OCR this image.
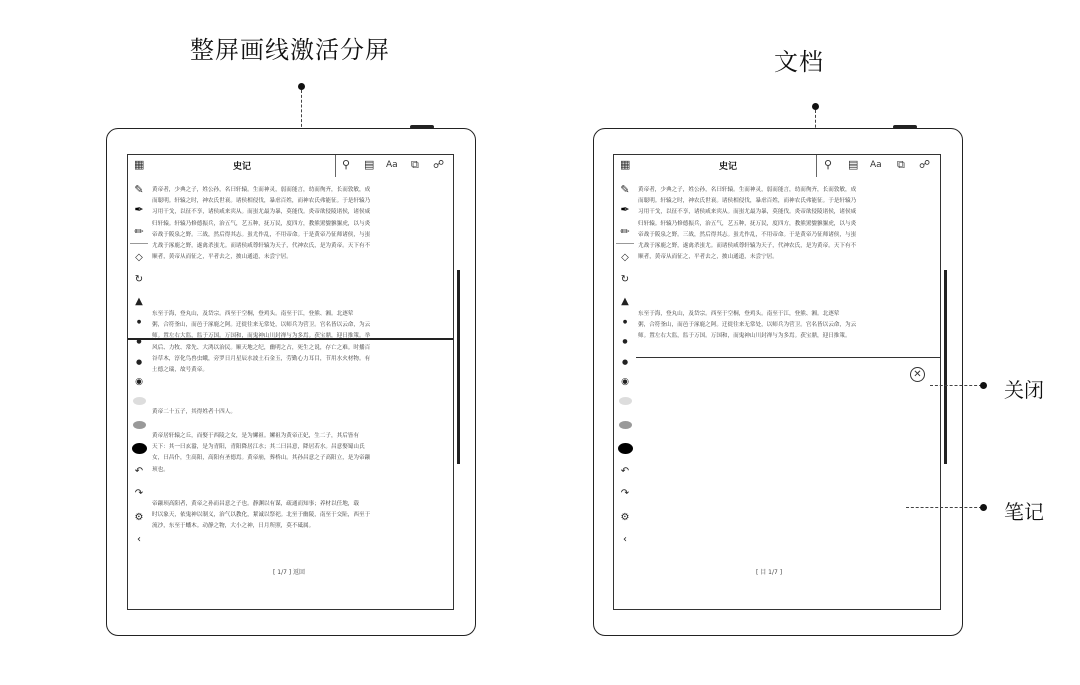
整屏画线激活分屏
▦	史记	⚲ ▤ Aa ⧉ ☍
✎
✒
✏
◇
↻
▲
●
●
●
◉
↶
↷
⚙
‹
黄帝者，少典之子，姓公孙，名曰轩辕。生而神灵，弱而能言，幼而徇齐，长而敦敏，成
而聪明。轩辕之时，神农氏世衰。诸侯相侵伐，暴虐百姓，而神农氏弗能征。于是轩辕乃
习用干戈，以征不享，诸侯咸来宾从。而蚩尤最为暴，莫能伐。炎帝欲侵陵诸侯，诸侯咸
归轩辕。轩辕乃修德振兵，治五气，艺五种，抚万民，度四方，教熊罴貔貅貙虎，以与炎
帝战于阪泉之野。三战，然后得其志。蚩尤作乱，不用帝命。于是黄帝乃征师诸侯，与蚩
尤战于涿鹿之野，遂禽杀蚩尤。而诸侯咸尊轩辕为天子，代神农氏，是为黄帝。天下有不
顺者，黄帝从而征之，平者去之，披山通道，未尝宁居。
东至于海，登丸山，及岱宗。西至于空桐，登鸡头。南至于江，登熊、湘。北逐荤
粥，合符釜山，而邑于涿鹿之阿。迁徙往来无常处，以师兵为营卫。官名皆以云命，为云
师。置左右大监，监于万国。万国和，而鬼神山川封禅与为多焉。获宝鼎，迎日推策。举
风后、力牧、常先、大鸿以治民。顺天地之纪，幽明之占，死生之说，存亡之难。时播百
谷草木，淳化鸟兽虫蛾，旁罗日月星辰水波土石金玉，劳勤心力耳目，节用水火材物。有
土德之瑞，故号黄帝。
黄帝二十五子，其得姓者十四人。
黄帝居轩辕之丘，而娶于西陵之女，是为嫘祖。嫘祖为黄帝正妃，生二子，其后皆有
天下：其一曰玄嚣，是为青阳，青阳降居江水；其二曰昌意，降居若水。昌意娶蜀山氏
女，曰昌仆，生高阳，高阳有圣德焉。黄帝崩，葬桥山。其孙昌意之子高阳立，是为帝颛
顼也。
帝颛顼高阳者，黄帝之孙而昌意之子也。静渊以有谋，疏通而知事；养材以任地，载
时以象天，依鬼神以制义，治气以教化，絜诚以祭祀。北至于幽陵，南至于交阯，西至于
流沙，东至于蟠木。动静之物，大小之神，日月所照，莫不砥属。
[ 1/7 ] 返回
文档
▦	史记	⚲ ▤ Aa ⧉ ☍
✎
✒
✏
◇
↻
▲
●
●
●
◉
↶
↷
⚙
‹
黄帝者，少典之子，姓公孙，名曰轩辕。生而神灵，弱而能言，幼而徇齐，长而敦敏，成
而聪明。轩辕之时，神农氏世衰。诸侯相侵伐，暴虐百姓，而神农氏弗能征。于是轩辕乃
习用干戈，以征不享，诸侯咸来宾从。而蚩尤最为暴，莫能伐。炎帝欲侵陵诸侯，诸侯咸
归轩辕。轩辕乃修德振兵，治五气，艺五种，抚万民，度四方，教熊罴貔貅貙虎，以与炎
帝战于阪泉之野。三战，然后得其志。蚩尤作乱，不用帝命。于是黄帝乃征师诸侯，与蚩
尤战于涿鹿之野，遂禽杀蚩尤。而诸侯咸尊轩辕为天子，代神农氏，是为黄帝。天下有不
顺者，黄帝从而征之，平者去之，披山通道，未尝宁居。
东至于海，登丸山，及岱宗。西至于空桐，登鸡头。南至于江，登熊、湘。北逐荤
粥，合符釜山，而邑于涿鹿之阿。迁徙往来无常处，以师兵为营卫。官名皆以云命，为云
师。置左右大监，监于万国。万国和，而鬼神山川封禅与为多焉。获宝鼎，迎日推策。
✕
[ 目 1/7 ]
关闭
笔记
